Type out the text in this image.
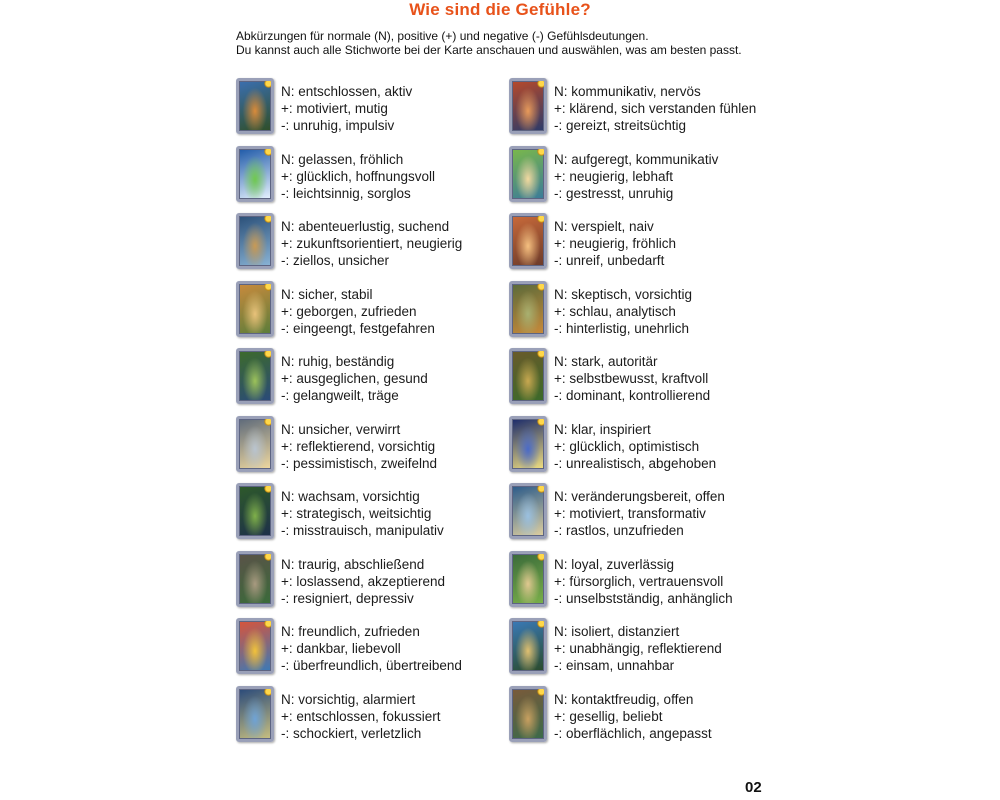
Wie sind die Gefühle?
Abkürzungen für normale (N), positive (+) und negative (-) Gefühlsdeutungen.
Du kannst auch alle Stichworte bei der Karte anschauen und auswählen, was am besten passt.
N: entschlossen, aktiv
+: motiviert, mutig
-: unruhig, impulsiv
N: gelassen, fröhlich
+: glücklich, hoffnungsvoll
-: leichtsinnig, sorglos
N: abenteuerlustig, suchend
+: zukunftsorientiert, neugierig
-: ziellos, unsicher
N: sicher, stabil
+: geborgen, zufrieden
-: eingeengt, festgefahren
N: ruhig, beständig
+: ausgeglichen, gesund
-: gelangweilt, träge
N: unsicher, verwirrt
+: reflektierend, vorsichtig
-: pessimistisch, zweifelnd
N: wachsam, vorsichtig
+: strategisch, weitsichtig
-: misstrauisch, manipulativ
N: traurig, abschließend
+: loslassend, akzeptierend
-: resigniert, depressiv
N: freundlich, zufrieden
+: dankbar, liebevoll
-: überfreundlich, übertreibend
N: vorsichtig, alarmiert
+: entschlossen, fokussiert
-: schockiert, verletzlich
N: kommunikativ, nervös
+: klärend, sich verstanden fühlen
-: gereizt, streitsüchtig
N: aufgeregt, kommunikativ
+: neugierig, lebhaft
-: gestresst, unruhig
N: verspielt, naiv
+: neugierig, fröhlich
-: unreif, unbedarft
N: skeptisch, vorsichtig
+: schlau, analytisch
-: hinterlistig, unehrlich
N: stark, autoritär
+: selbstbewusst, kraftvoll
-: dominant, kontrollierend
N: klar, inspiriert
+: glücklich, optimistisch
-: unrealistisch, abgehoben
N: veränderungsbereit, offen
+: motiviert, transformativ
-: rastlos, unzufrieden
N: loyal, zuverlässig
+: fürsorglich, vertrauensvoll
-: unselbstständig, anhänglich
N: isoliert, distanziert
+: unabhängig, reflektierend
-: einsam, unnahbar
N: kontaktfreudig, offen
+: gesellig, beliebt
-: oberflächlich, angepasst
02
